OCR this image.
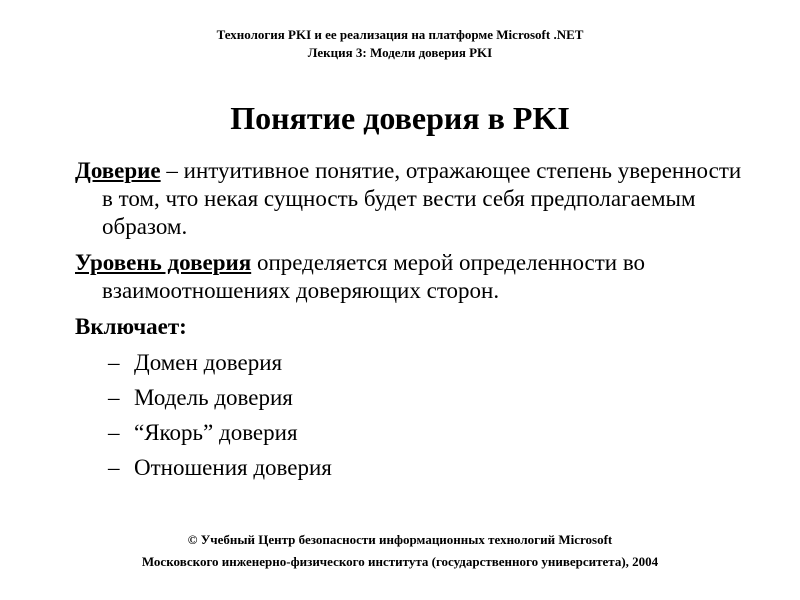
Технология PKI и ее реализация на платформе Microsoft .NET
Лекция 3: Модели доверия PKI
Понятие доверия в PKI

Доверие – интуитивное понятие, отражающее степень уверенности в том, что некая сущность будет вести себя предполагаемым образом.

Уровень доверия определяется мерой определенности во взаимоотношениях доверяющих сторон.

Включает:
– Домен доверия
– Модель доверия
– “Якорь” доверия
– Отношения доверия
© Учебный Центр безопасности информационных технологий Microsoft
Московского инженерно-физического института (государственного университета), 2004
